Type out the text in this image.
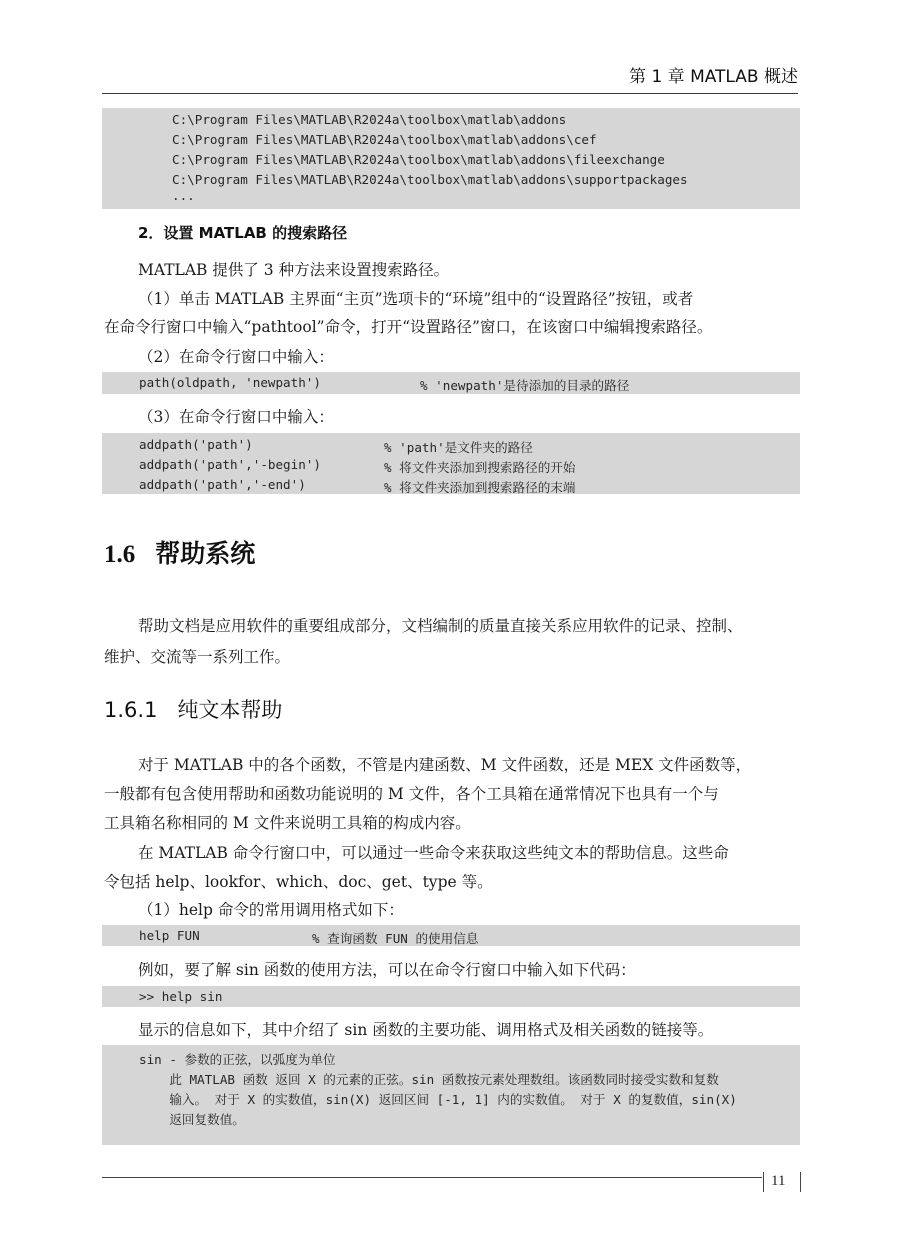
第 1 章 MATLAB 概述
C:\Program Files\MATLAB\R2024a\toolbox\matlab\addons
C:\Program Files\MATLAB\R2024a\toolbox\matlab\addons\cef
C:\Program Files\MATLAB\R2024a\toolbox\matlab\addons\fileexchange
C:\Program Files\MATLAB\R2024a\toolbox\matlab\addons\supportpackages
...
2．设置 MATLAB 的搜索路径
MATLAB 提供了 3 种方法来设置搜索路径。
（1）单击 MATLAB 主界面“主页”选项卡的“环境”组中的“设置路径”按钮，或者
在命令行窗口中输入“pathtool”命令，打开“设置路径”窗口，在该窗口中编辑搜索路径。
（2）在命令行窗口中输入：
path(oldpath, 'newpath')	% 'newpath'是待添加的目录的路径
（3）在命令行窗口中输入：
addpath('path')	% 'path'是文件夹的路径
addpath('path','-begin')	% 将文件夹添加到搜索路径的开始
addpath('path','-end')	% 将文件夹添加到搜索路径的末端
1.6 帮助系统
帮助文档是应用软件的重要组成部分，文档编制的质量直接关系应用软件的记录、控制、
维护、交流等一系列工作。
1.6.1 纯文本帮助
对于 MATLAB 中的各个函数，不管是内建函数、M 文件函数，还是 MEX 文件函数等，
一般都有包含使用帮助和函数功能说明的 M 文件，各个工具箱在通常情况下也具有一个与
工具箱名称相同的 M 文件来说明工具箱的构成内容。
在 MATLAB 命令行窗口中，可以通过一些命令来获取这些纯文本的帮助信息。这些命
令包括 help、lookfor、which、doc、get、type 等。
（1）help 命令的常用调用格式如下：
help FUN	% 查询函数 FUN 的使用信息
例如，要了解 sin 函数的使用方法，可以在命令行窗口中输入如下代码：
>> help sin
显示的信息如下，其中介绍了 sin 函数的主要功能、调用格式及相关函数的链接等。
sin - 参数的正弦，以弧度为单位
此 MATLAB 函数 返回 X 的元素的正弦。sin 函数按元素处理数组。该函数同时接受实数和复数
输入。 对于 X 的实数值，sin(X) 返回区间 [-1, 1] 内的实数值。 对于 X 的复数值，sin(X)
返回复数值。
11
